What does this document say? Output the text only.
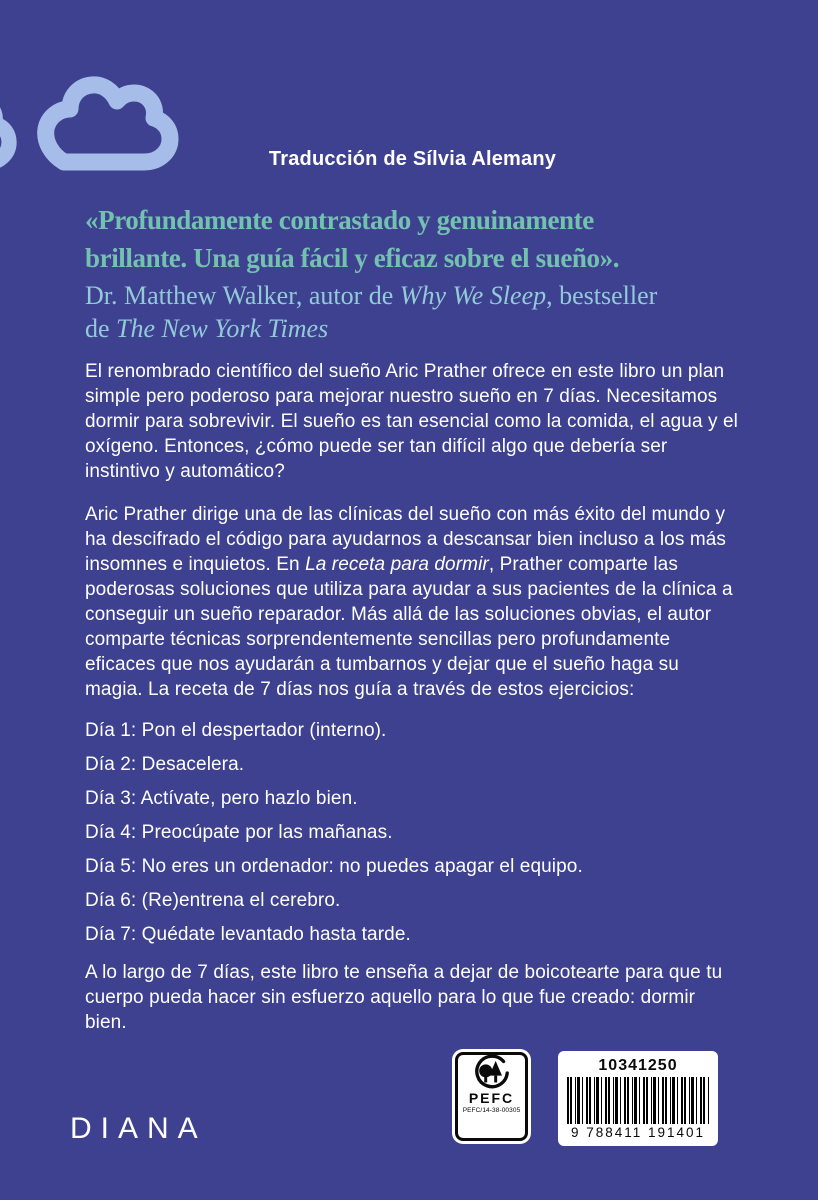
Traducción de Sílvia Alemany

«Profundamente contrastado y genuinamente
brillante. Una guía fácil y eficaz sobre el sueño».
Dr. Matthew Walker, autor de Why We Sleep, bestseller de The New York Times

El renombrado científico del sueño Aric Prather ofrece en este libro un plan simple pero poderoso para mejorar nuestro sueño en 7 días. Necesitamos dormir para sobrevivir. El sueño es tan esencial como la comida, el agua y el oxígeno. Entonces, ¿cómo puede ser tan difícil algo que debería ser instintivo y automático?

Aric Prather dirige una de las clínicas del sueño con más éxito del mundo y ha descifrado el código para ayudarnos a descansar bien incluso a los más insomnes e inquietos. En La receta para dormir, Prather comparte las poderosas soluciones que utiliza para ayudar a sus pacientes de la clínica a conseguir un sueño reparador. Más allá de las soluciones obvias, el autor comparte técnicas sorprendentemente sencillas pero profundamente eficaces que nos ayudarán a tumbarnos y dejar que el sueño haga su magia. La receta de 7 días nos guía a través de estos ejercicios:

Día 1: Pon el despertador (interno).
Día 2: Desacelera.
Día 3: Actívate, pero hazlo bien.
Día 4: Preocúpate por las mañanas.
Día 5: No eres un ordenador: no puedes apagar el equipo.
Día 6: (Re)entrena el cerebro.
Día 7: Quédate levantado hasta tarde.

A lo largo de 7 días, este libro te enseña a dejar de boicotearte para que tu cuerpo pueda hacer sin esfuerzo aquello para lo que fue creado: dormir bien.

DIANA
PEFC
PEFC/14-38-00305
10341250
9 788411 191401
